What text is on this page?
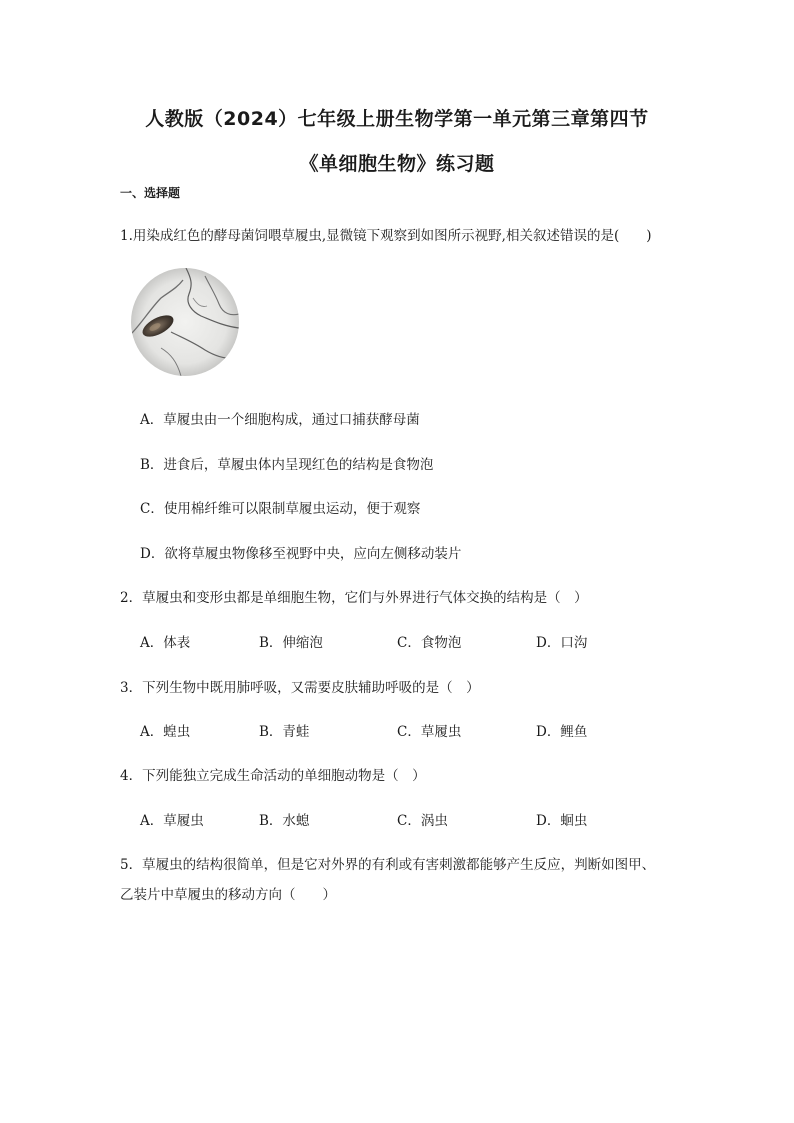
人教版（2024）七年级上册生物学第一单元第三章第四节
《单细胞生物》练习题
一、选择题
1.用染成红色的酵母菌饲喂草履虫,显微镜下观察到如图所示视野,相关叙述错误的是(　　)
A．草履虫由一个细胞构成，通过口捕获酵母菌
B．进食后，草履虫体内呈现红色的结构是食物泡
C．使用棉纤维可以限制草履虫运动，便于观察
D．欲将草履虫物像移至视野中央，应向左侧移动装片
2．草履虫和变形虫都是单细胞生物，它们与外界进行气体交换的结构是（　）
A．体表	B．伸缩泡	C．食物泡	D．口沟
3．下列生物中既用肺呼吸，又需要皮肤辅助呼吸的是（　）
A．蝗虫	B．青蛙	C．草履虫	D．鲤鱼
4．下列能独立完成生命活动的单细胞动物是（　）
A．草履虫	B．水螅	C．涡虫	D．蛔虫
5．草履虫的结构很简单，但是它对外界的有利或有害刺激都能够产生反应，判断如图甲、
乙装片中草履虫的移动方向（　　）
